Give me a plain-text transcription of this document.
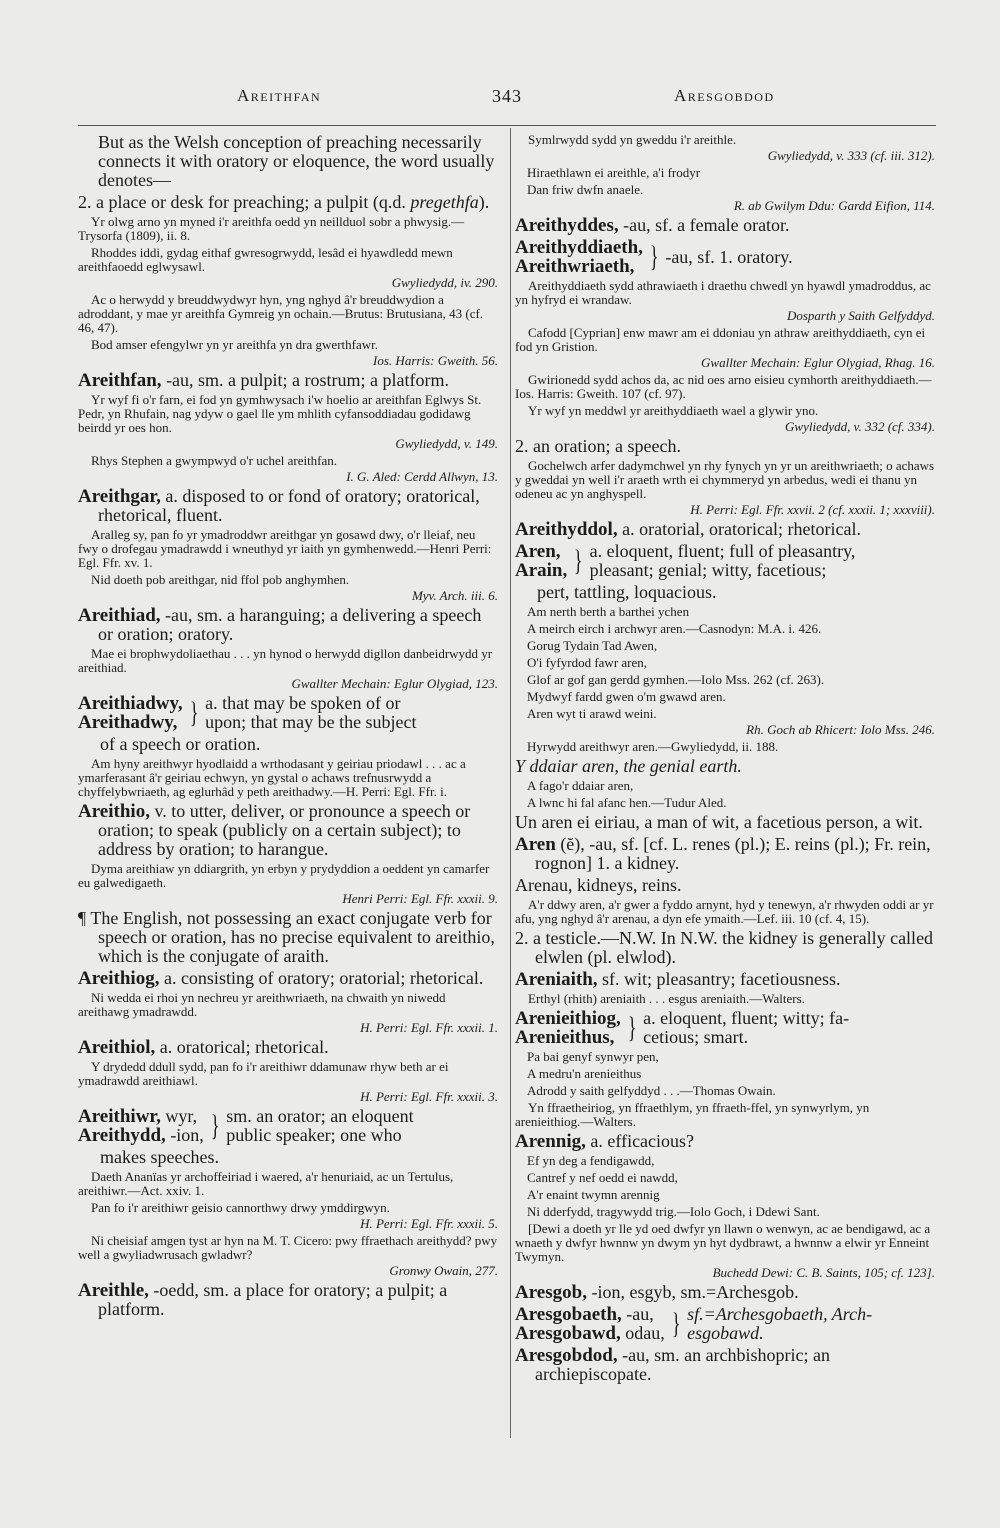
Areithfan	343	Aresgobdod

But as the Welsh conception of preaching necessarily connects it with oratory or eloquence, the word usually denotes—

2. a place or desk for preaching; a pulpit (q.d. pregethfa).

Yr olwg arno yn myned i'r areithfa oedd yn neillduol sobr a phwysig.—Trysorfa (1809), ii. 8.

Rhoddes iddi, gydag eithaf gwresogrwydd, lesâd ei hyawdledd mewn areithfaoedd eglwysawl.

Gwyliedydd, iv. 290.

Ac o herwydd y breuddwydwyr hyn, yng nghyd â'r breuddwydion a adroddant, y mae yr areithfa Gymreig yn ochain.—Brutus: Brutusiana, 43 (cf. 46, 47).

Bod amser efengylwr yn yr areithfa yn dra gwerthfawr.

Ios. Harris: Gweith. 56.

Areithfan, -au, sm. a pulpit; a rostrum; a platform.

Yr wyf fi o'r farn, ei fod yn gymhwysach i'w hoelio ar areithfan Eglwys St. Pedr, yn Rhufain, nag ydyw o gael lle ym mhlith cyfansoddiadau godidawg beirdd yr oes hon.

Gwyliedydd, v. 149.

Rhys Stephen a gwympwyd o'r uchel areithfan.

I. G. Aled: Cerdd Allwyn, 13.

Areithgar, a. disposed to or fond of oratory; oratorical, rhetorical, fluent.

Aralleg sy, pan fo yr ymadroddwr areithgar yn gosawd dwy, o'r lleiaf, neu fwy o drofegau ymadrawdd i wneuthyd yr iaith yn gymhenwedd.—Henri Perri: Egl. Ffr. xv. 1.

Nid doeth pob areithgar, nid ffol pob anghymhen.

Myv. Arch. iii. 6.

Areithiad, -au, sm. a haranguing; a delivering a speech or oration; oratory.

Mae ei brophwydoliaethau . . . yn hynod o herwydd digllon danbeidrwydd yr areithiad.

Gwallter Mechain: Eglur Olygiad, 123.

Areithiadwy,
Areithadwy, } a. that may be spoken of or
upon; that may be the subject

of a speech or oration.

Am hyny areithwyr hyodlaidd a wrthodasant y geiriau priodawl . . . ac a ymarferasant â'r geiriau echwyn, yn gystal o achaws trefnusrwydd a chyffelybwriaeth, ag eglurhâd y peth areithadwy.—H. Perri: Egl. Ffr. i.

Areithio, v. to utter, deliver, or pronounce a speech or oration; to speak (publicly on a certain subject); to address by oration; to harangue.

Dyma areithiaw yn ddiargrith, yn erbyn y prydyddion a oeddent yn camarfer eu galwedigaeth.

Henri Perri: Egl. Ffr. xxxii. 9.

¶ The English, not possessing an exact conjugate verb for speech or oration, has no precise equivalent to areithio, which is the conjugate of araith.

Areithiog, a. consisting of oratory; oratorial; rhetorical.

Ni wedda ei rhoi yn nechreu yr areithwriaeth, na chwaith yn niwedd areithawg ymadrawdd.

H. Perri: Egl. Ffr. xxxii. 1.

Areithiol, a. oratorical; rhetorical.

Y drydedd ddull sydd, pan fo i'r areithiwr ddamunaw rhyw beth ar ei ymadrawdd areithiawl.

H. Perri: Egl. Ffr. xxxii. 3.

Areithiwr, wyr,
Areithydd, -ion, } sm. an orator; an eloquent
public speaker; one who

makes speeches.

Daeth Ananïas yr archoffeiriad i waered, a'r henuriaid, ac un Tertulus, areithiwr.—Act. xxiv. 1.

Pan fo i'r areithiwr geisio cannorthwy drwy ymddirgwyn.

H. Perri: Egl. Ffr. xxxii. 5.

Ni cheisiaf amgen tyst ar hyn na M. T. Cicero: pwy ffraethach areithydd? pwy well a gwyliadwrusach gwladwr?

Gronwy Owain, 277.

Areithle, -oedd, sm. a place for oratory; a pulpit; a platform.

Symlrwydd sydd yn gweddu i'r areithle.

Gwyliedydd, v. 333 (cf. iii. 312).

Hiraethlawn ei areithle, a'i frodyr

Dan friw dwfn anaele.

R. ab Gwilym Ddu: Gardd Eifion, 114.

Areithyddes, -au, sf. a female orator.

Areithyddiaeth,
Areithwriaeth, } -au, sf. 1. oratory.

Areithyddiaeth sydd athrawiaeth i draethu chwedl yn hyawdl ymadroddus, ac yn hyfryd ei wrandaw.

Dosparth y Saith Gelfyddyd.

Cafodd [Cyprian] enw mawr am ei ddoniau yn athraw areithyddiaeth, cyn ei fod yn Gristion.

Gwallter Mechain: Eglur Olygiad, Rhag. 16.

Gwirionedd sydd achos da, ac nid oes arno eisieu cymhorth areithyddiaeth.—Ios. Harris: Gweith. 107 (cf. 97).

Yr wyf yn meddwl yr areithyddiaeth wael a glywir yno.

Gwyliedydd, v. 332 (cf. 334).

2. an oration; a speech.

Gochelwch arfer dadymchwel yn rhy fynych yn yr un areithwriaeth; o achaws y gweddai yn well i'r araeth wrth ei chymmeryd yn arbedus, wedi ei thanu yn odeneu ac yn anghyspell.

H. Perri: Egl. Ffr. xxvii. 2 (cf. xxxii. 1; xxxviii).

Areithyddol, a. oratorial, oratorical; rhetorical.

Aren,
Arain, } a. eloquent, fluent; full of pleasantry,
pleasant; genial; witty, facetious;

pert, tattling, loquacious.

Am nerth berth a barthei ychen

A meirch eirch i archwyr aren.—Casnodyn: M.A. i. 426.

Gorug Tydain Tad Awen,

O'i fyfyrdod fawr aren,

Glof ar gof gan gerdd gymhen.—Iolo Mss. 262 (cf. 263).

Mydwyf fardd gwen o'm gwawd aren.

Aren wyt ti arawd weini.

Rh. Goch ab Rhicert: Iolo Mss. 246.

Hyrwydd areithwyr aren.—Gwyliedydd, ii. 188.

Y ddaiar aren, the genial earth.

A fago'r ddaiar aren,

A lwnc hi fal afanc hen.—Tudur Aled.

Un aren ei eiriau, a man of wit, a facetious person, a wit.

Aren (ĕ), -au, sf. [cf. L. renes (pl.); E. reins (pl.); Fr. rein, rognon] 1. a kidney.

Arenau, kidneys, reins.

A'r ddwy aren, a'r gwer a fyddo arnynt, hyd y tenewyn, a'r rhwyden oddi ar yr afu, yng nghyd â'r arenau, a dyn efe ymaith.—Lef. iii. 10 (cf. 4, 15).

2. a testicle.—N.W. In N.W. the kidney is generally called elwlen (pl. elwlod).

Areniaith, sf. wit; pleasantry; facetiousness.

Erthyl (rhith) areniaith . . . esgus areniaith.—Walters.

Arenieithiog,
Arenieithus, } a. eloquent, fluent; witty; fa-
cetious; smart.

Pa bai genyf synwyr pen,

A medru'n arenieithus

Adrodd y saith gelfyddyd . . .—Thomas Owain.

Yn ffraetheiriog, yn ffraethlym, yn ffraeth-ffel, yn synwyrlym, yn arenieithiog.—Walters.

Arennig, a. efficacious?

Ef yn deg a fendigawdd,

Cantref y nef oedd ei nawdd,

A'r enaint twymn arennig

Ni dderfydd, tragywydd trig.—Iolo Goch, i Ddewi Sant.

[Dewi a doeth yr lle yd oed dwfyr yn llawn o wenwyn, ac ae bendigawd, ac a wnaeth y dwfyr hwnnw yn dwym yn hyt dydbrawt, a hwnnw a elwir yr Enneint Twymyn.

Buchedd Dewi: C. B. Saints, 105; cf. 123].

Aresgob, -ion, esgyb, sm.=Archesgob.

Aresgobaeth, -au,
Aresgobawd, odau, } sf.=Archesgobaeth, Arch-
esgobawd.

Aresgobdod, -au, sm. an archbishopric; an archiepiscopate.
